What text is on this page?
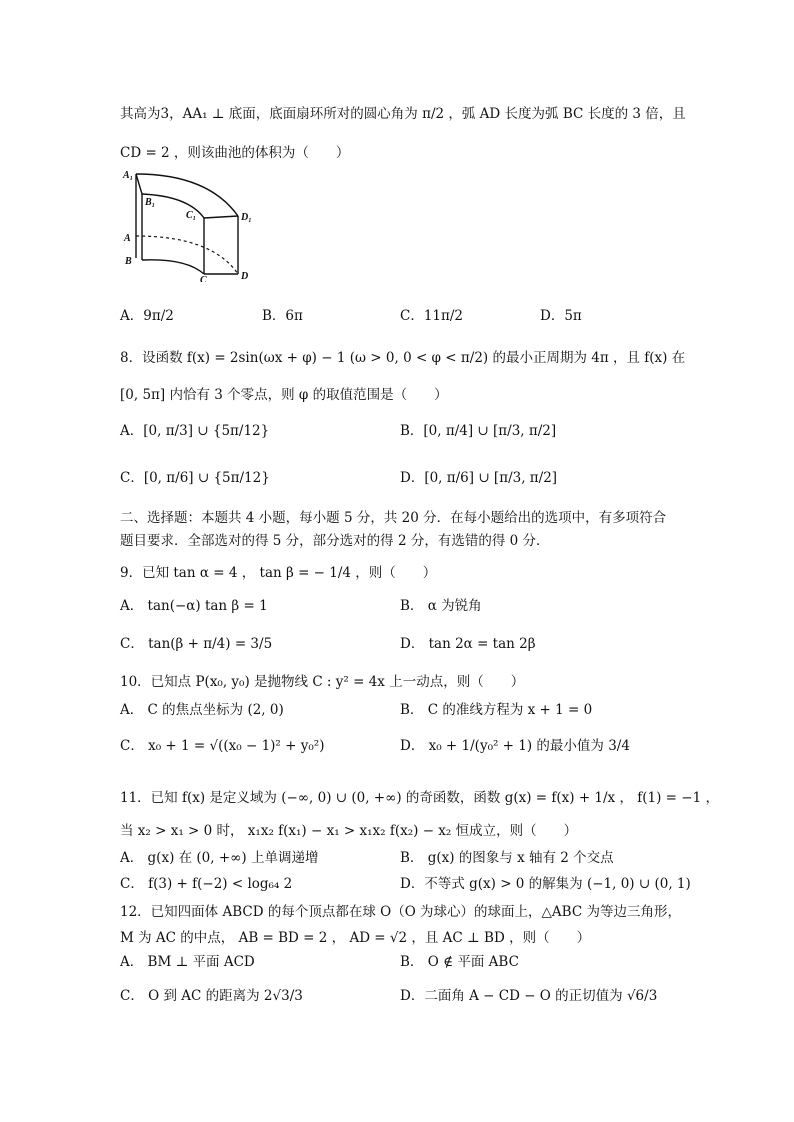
其高为3，AA₁ ⊥ 底面，底面扇环所对的圆心角为 π/2 ，弧 AD 长度为弧 BC 长度的 3 倍，且
CD = 2 ，则该曲池的体积为（　　）
A₁
B₁
C₁	D₁
A
B
C	D
A．9π/2	B．6π	C．11π/2	D．5π
8．设函数 f(x) = 2sin(ωx + φ) − 1 (ω > 0, 0 < φ < π/2) 的最小正周期为 4π ，且 f(x) 在
[0, 5π] 内恰有 3 个零点，则 φ 的取值范围是（　　）
A．[0, π/3] ∪ {5π/12}	B．[0, π/4] ∪ [π/3, π/2]
C．[0, π/6] ∪ {5π/12}	D．[0, π/6] ∪ [π/3, π/2]
二、选择题：本题共 4 小题，每小题 5 分，共 20 分．在每小题给出的选项中，有多项符合
题目要求．全部选对的得 5 分，部分选对的得 2 分，有选错的得 0 分．
9．已知 tan α = 4 ， tan β = − 1/4 ，则（　　）
A． tan(−α) tan β = 1	B． α 为锐角
C． tan(β + π/4) = 3/5	D． tan 2α = tan 2β
10．已知点 P(x₀, y₀) 是抛物线 C : y² = 4x 上一动点，则（　　）
A． C 的焦点坐标为 (2, 0)	B． C 的准线方程为 x + 1 = 0
C． x₀ + 1 = √((x₀ − 1)² + y₀²)	D． x₀ + 1/(y₀² + 1) 的最小值为 3/4
11．已知 f(x) 是定义域为 (−∞, 0) ∪ (0, +∞) 的奇函数，函数 g(x) = f(x) + 1/x ， f(1) = −1 ，
当 x₂ > x₁ > 0 时， x₁x₂ f(x₁) − x₁ > x₁x₂ f(x₂) − x₂ 恒成立，则（　　）
A． g(x) 在 (0, +∞) 上单调递增	B． g(x) 的图象与 x 轴有 2 个交点
C． f(3) + f(−2) < log₆₄ 2	D．不等式 g(x) > 0 的解集为 (−1, 0) ∪ (0, 1)
12．已知四面体 ABCD 的每个顶点都在球 O（O 为球心）的球面上，△ABC 为等边三角形，
M 为 AC 的中点， AB = BD = 2 ， AD = √2 ，且 AC ⊥ BD ，则（　　）
A． BM ⊥ 平面 ACD	B． O ∉ 平面 ABC
C． O 到 AC 的距离为 2√3/3	D．二面角 A − CD − O 的正切值为 √6/3
